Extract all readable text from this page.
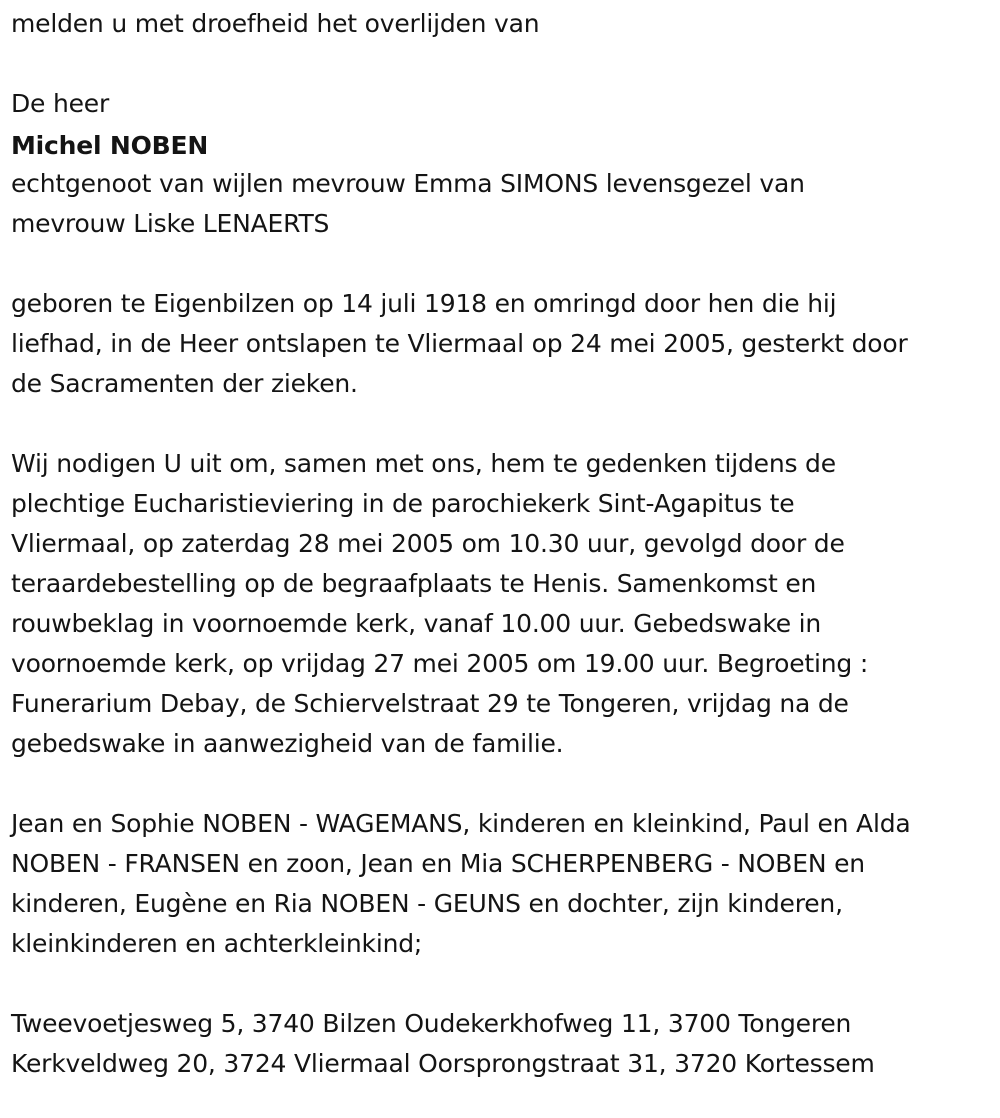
melden u met droefheid het overlijden van

De heer

Michel NOBEN

echtgenoot van wijlen mevrouw Emma SIMONS levensgezel van

mevrouw Liske LENAERTS

geboren te Eigenbilzen op 14 juli 1918 en omringd door hen die hij

liefhad, in de Heer ontslapen te Vliermaal op 24 mei 2005, gesterkt door

de Sacramenten der zieken.

Wij nodigen U uit om, samen met ons, hem te gedenken tijdens de

plechtige Eucharistieviering in de parochiekerk Sint-Agapitus te

Vliermaal, op zaterdag 28 mei 2005 om 10.30 uur, gevolgd door de

teraardebestelling op de begraafplaats te Henis. Samenkomst en

rouwbeklag in voornoemde kerk, vanaf 10.00 uur. Gebedswake in

voornoemde kerk, op vrijdag 27 mei 2005 om 19.00 uur. Begroeting :

Funerarium Debay, de Schiervelstraat 29 te Tongeren, vrijdag na de

gebedswake in aanwezigheid van de familie.

Jean en Sophie NOBEN - WAGEMANS, kinderen en kleinkind, Paul en Alda

NOBEN - FRANSEN en zoon, Jean en Mia SCHERPENBERG - NOBEN en

kinderen, Eugène en Ria NOBEN - GEUNS en dochter, zijn kinderen,

kleinkinderen en achterkleinkind;

Tweevoetjesweg 5, 3740 Bilzen Oudekerkhofweg 11, 3700 Tongeren

Kerkveldweg 20, 3724 Vliermaal Oorsprongstraat 31, 3720 Kortessem
